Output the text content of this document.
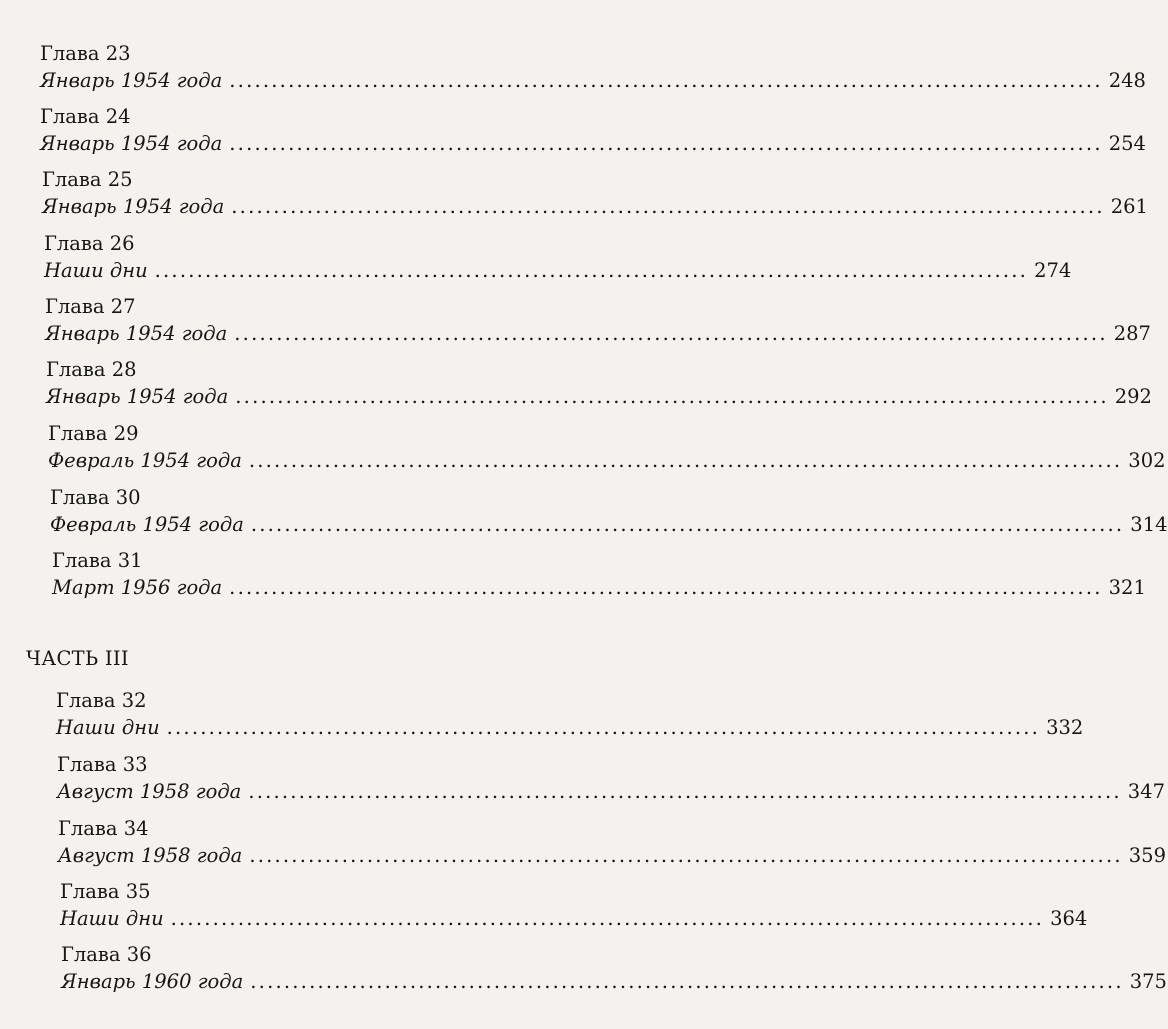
Глава 23
Январь 1954 года ........................................................................................................ 248
Глава 24
Январь 1954 года ........................................................................................................ 254
Глава 25
Январь 1954 года ........................................................................................................ 261
Глава 26
Наши дни ........................................................................................................ 274
Глава 27
Январь 1954 года ........................................................................................................ 287
Глава 28
Январь 1954 года ........................................................................................................ 292
Глава 29
Февраль 1954 года ........................................................................................................ 302
Глава 30
Февраль 1954 года ........................................................................................................ 314
Глава 31
Март 1956 года ........................................................................................................ 321
ЧАСТЬ III
Глава 32
Наши дни ........................................................................................................ 332
Глава 33
Август 1958 года ........................................................................................................ 347
Глава 34
Август 1958 года ........................................................................................................ 359
Глава 35
Наши дни ........................................................................................................ 364
Глава 36
Январь 1960 года ........................................................................................................ 375
